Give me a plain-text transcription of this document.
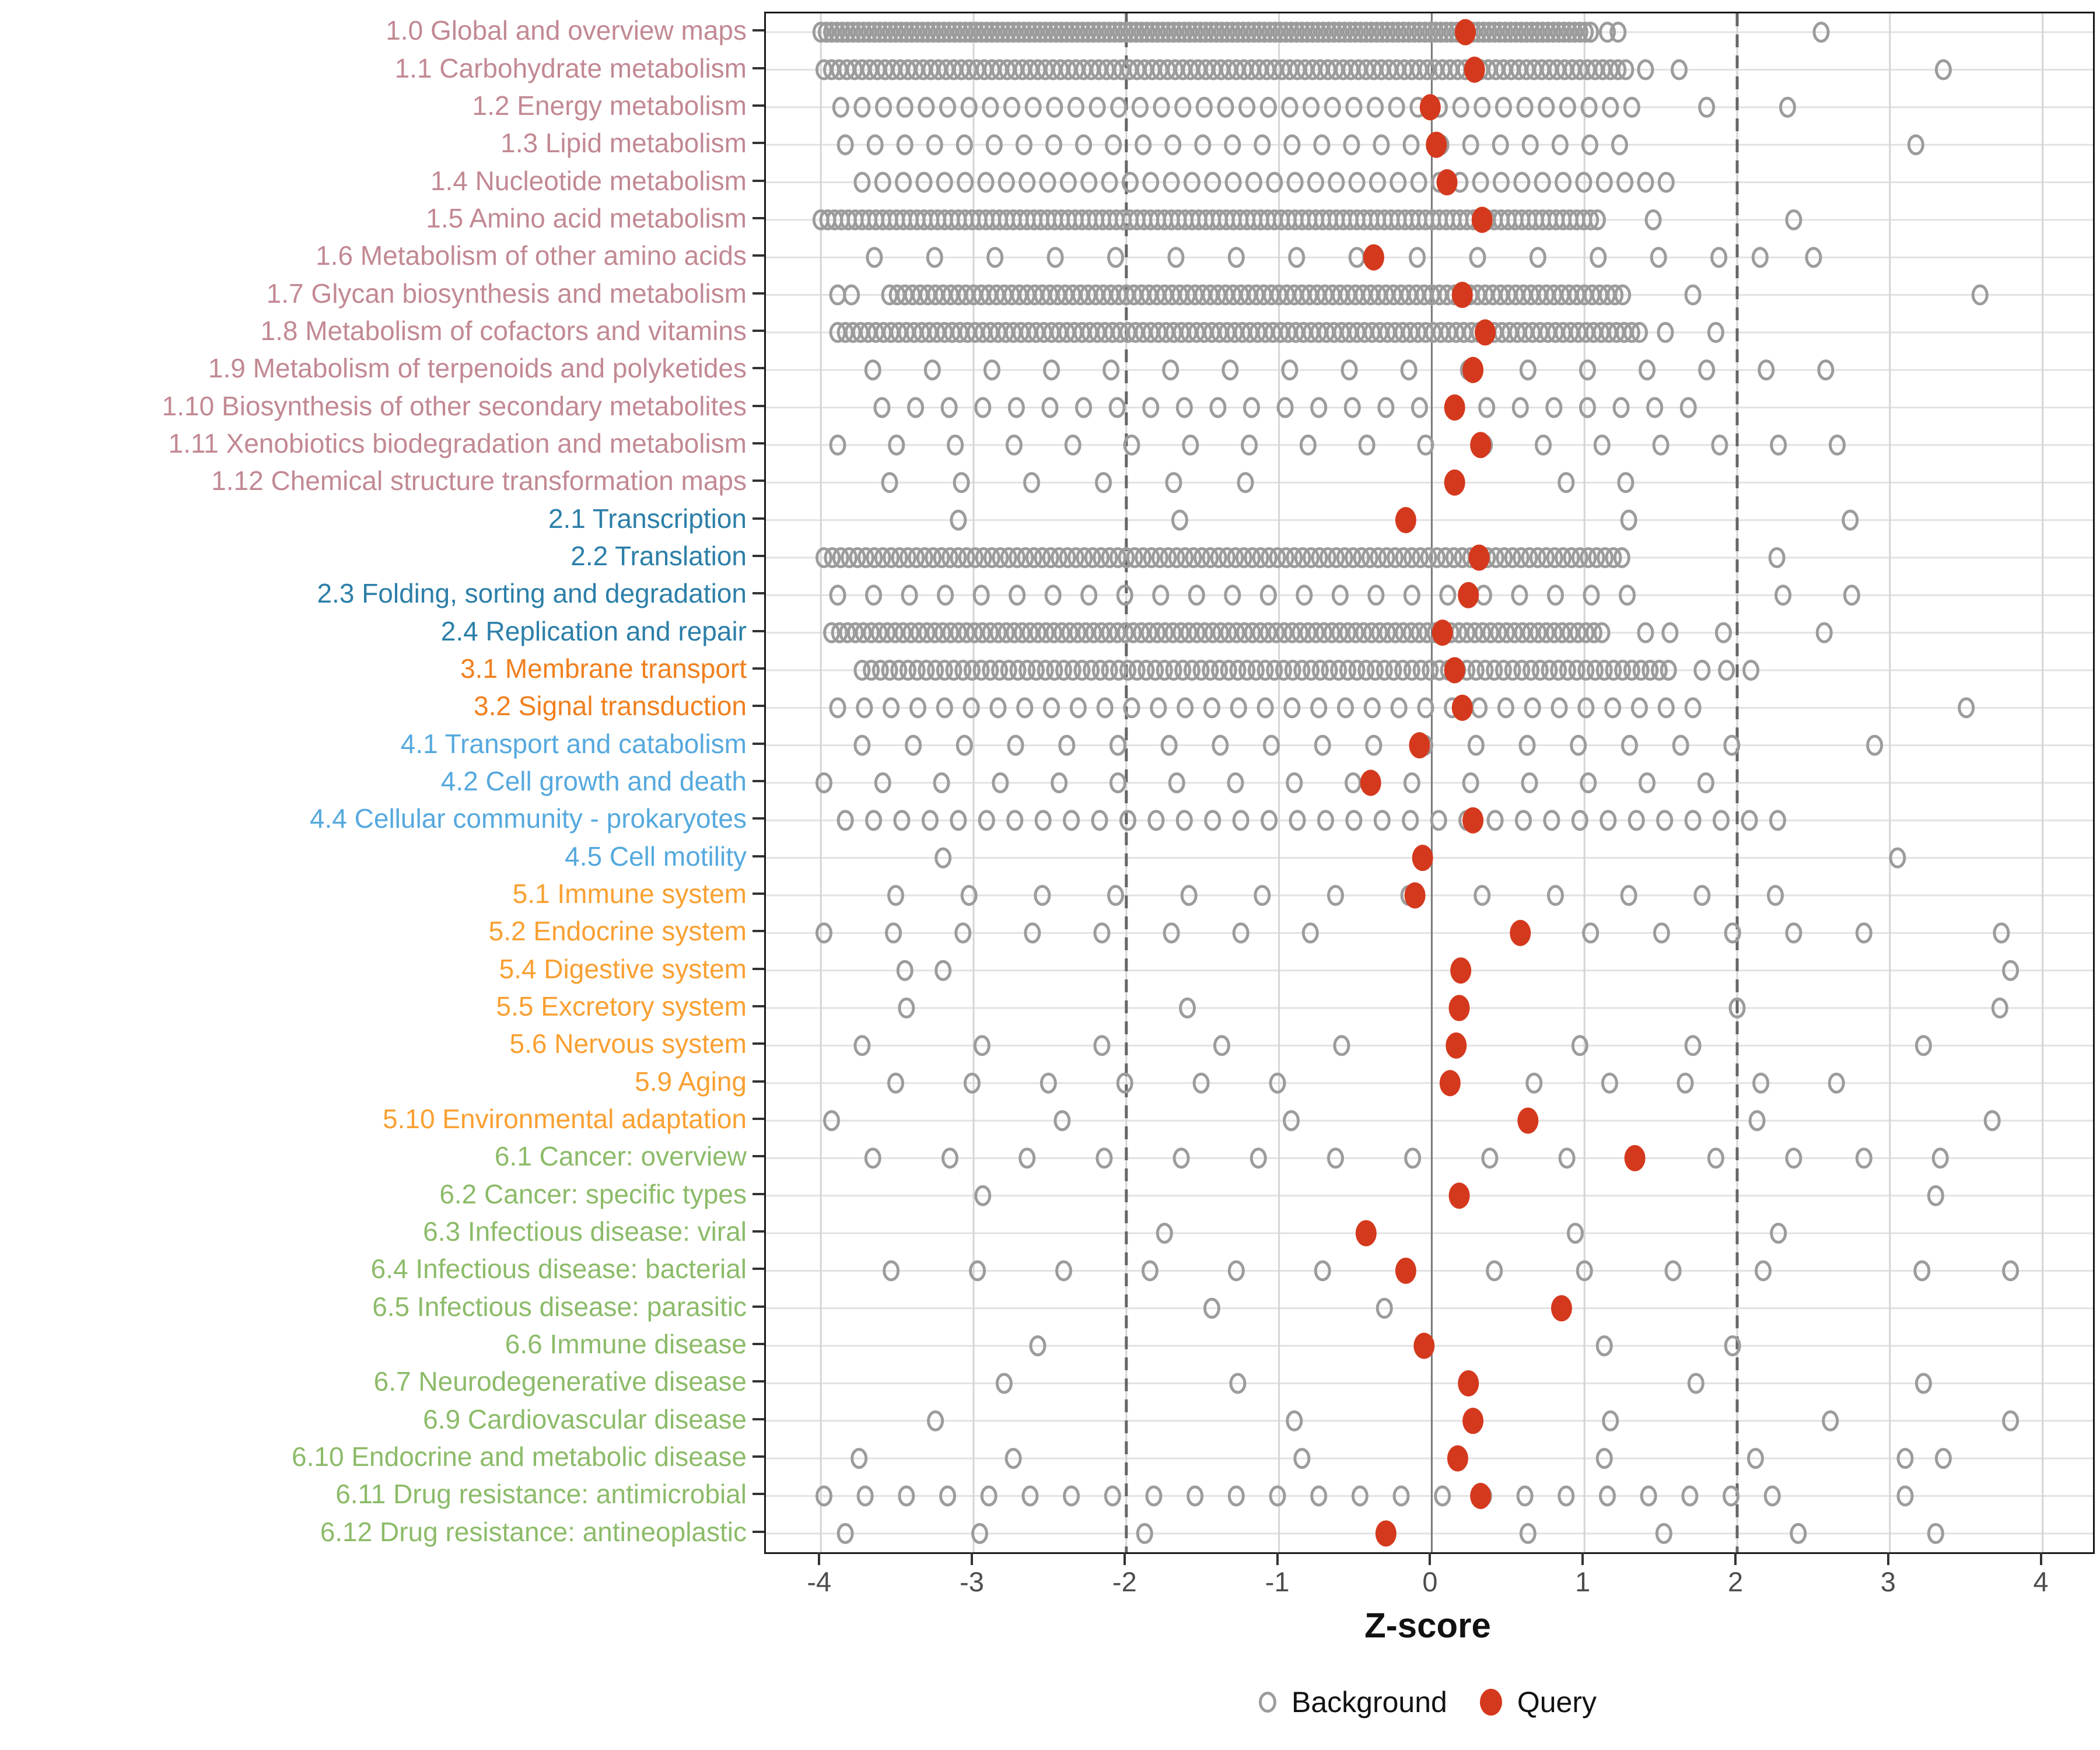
1.0 Global and overview maps
1.1 Carbohydrate metabolism
1.2 Energy metabolism
1.3 Lipid metabolism
1.4 Nucleotide metabolism
1.5 Amino acid metabolism
1.6 Metabolism of other amino acids
1.7 Glycan biosynthesis and metabolism
1.8 Metabolism of cofactors and vitamins
1.9 Metabolism of terpenoids and polyketides
1.10 Biosynthesis of other secondary metabolites
1.11 Xenobiotics biodegradation and metabolism
1.12 Chemical structure transformation maps
2.1 Transcription
2.2 Translation
2.3 Folding, sorting and degradation
2.4 Replication and repair
3.1 Membrane transport
3.2 Signal transduction
4.1 Transport and catabolism
4.2 Cell growth and death
4.4 Cellular community - prokaryotes
4.5 Cell motility
5.1 Immune system
5.2 Endocrine system
5.4 Digestive system
5.5 Excretory system
5.6 Nervous system
5.9 Aging
5.10 Environmental adaptation
6.1 Cancer: overview
6.2 Cancer: specific types
6.3 Infectious disease: viral
6.4 Infectious disease: bacterial
6.5 Infectious disease: parasitic
6.6 Immune disease
6.7 Neurodegenerative disease
6.9 Cardiovascular disease
6.10 Endocrine and metabolic disease
6.11 Drug resistance: antimicrobial
6.12 Drug resistance: antineoplastic
-4	-3	-2	-1	0	1	2	3	4
Z-score
Background Query
